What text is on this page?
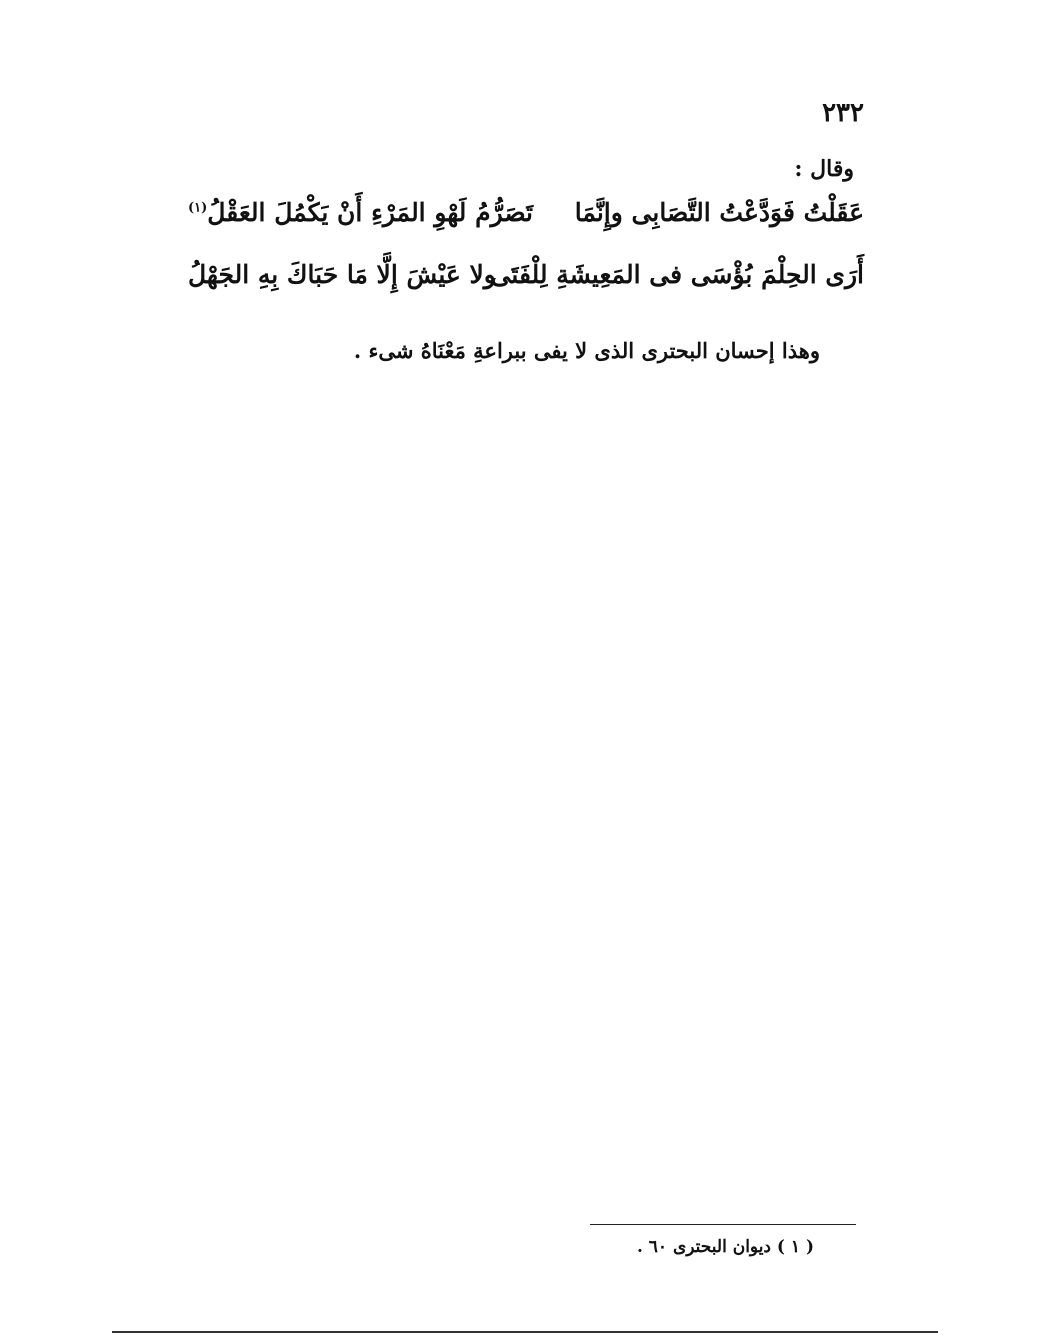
٢٣٢
وقال :
عَقَلْتُ فَوَدَّعْتُ التَّصَابِى وإِنَّمَا
تَصَرُّمُ لَهْوِ المَرْءِ أَنْ يَكْمُلَ العَقْلُ$^{(١)}$
أَرَى الحِلْمَ بُؤْسَى فى المَعِيشَةِ لِلْفَتَى
ولا عَيْشَ إِلَّا مَا حَبَاكَ بِهِ الجَهْلُ
وهذا إحسان البحترى الذى لا يفى ببراعةِ مَعْنَاهُ شىء .
( ١ ) ديوان البحترى ٦٠ .
